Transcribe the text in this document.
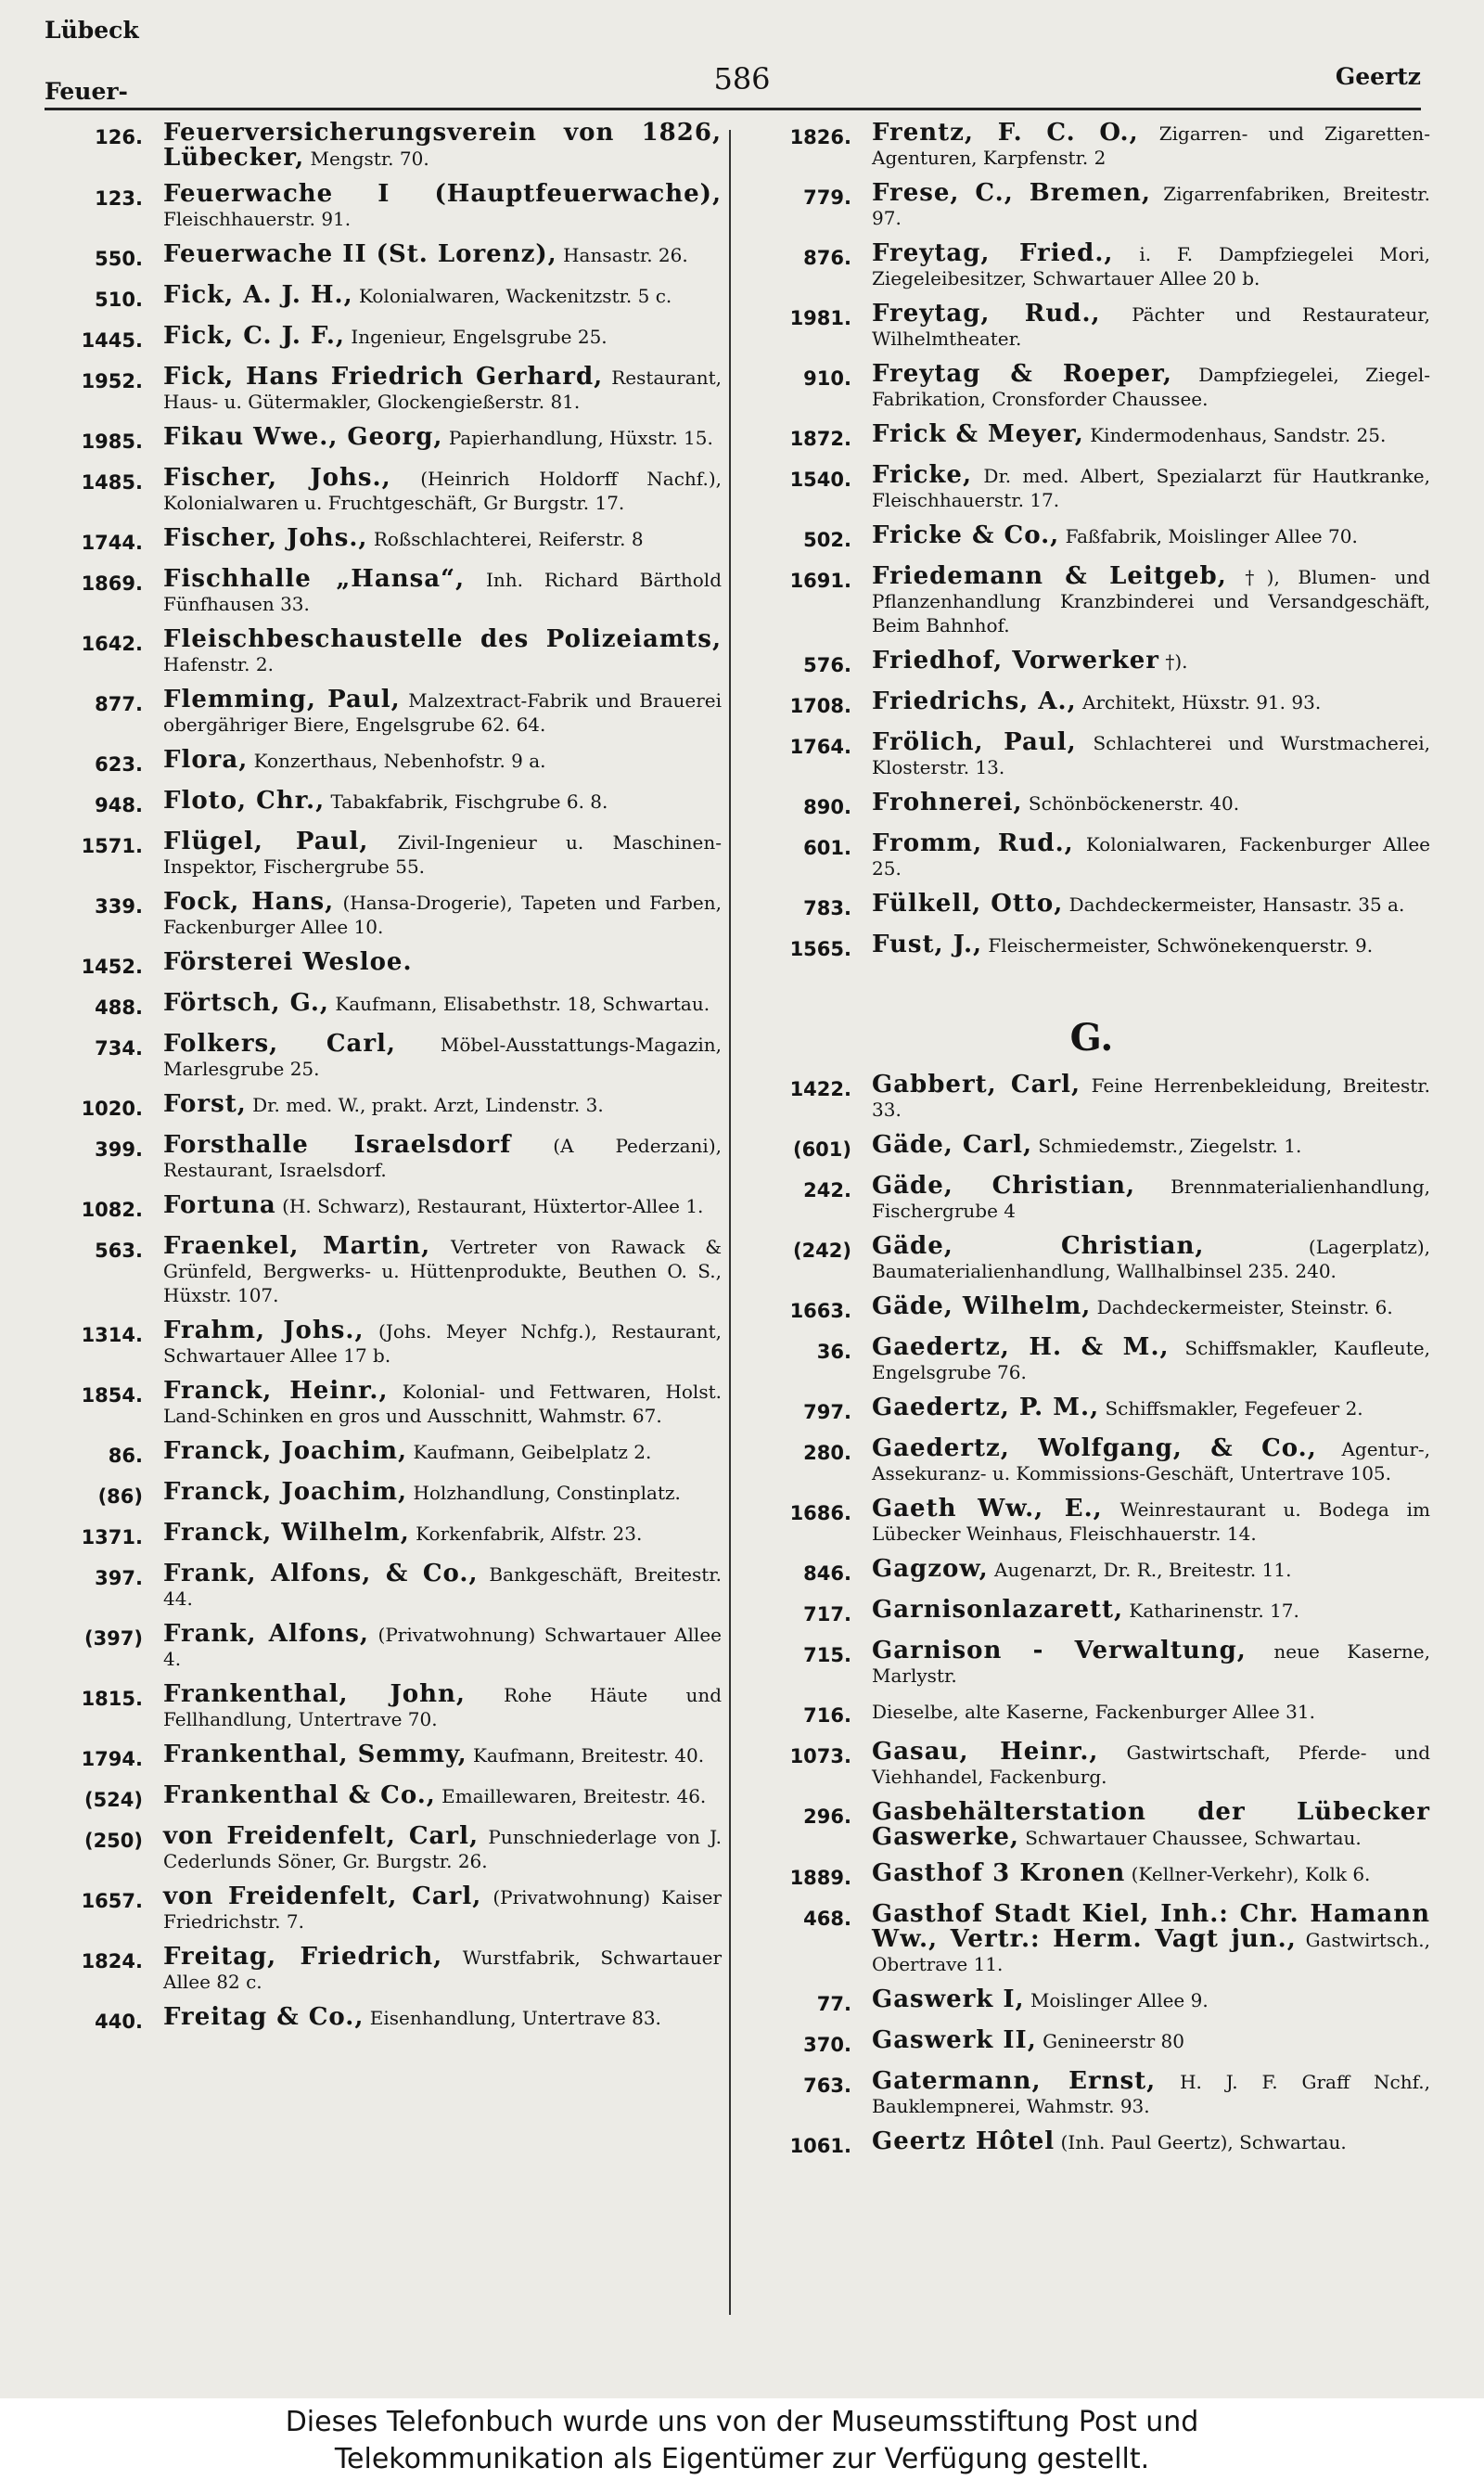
Lübeck
Feuer-	586	Geertz
126. Feuerversicherungsverein von 1826, Lübecker, Mengstr. 70.
123. Feuerwache I (Hauptfeuerwache), Fleischhauerstr. 91.
550. Feuerwache II (St. Lorenz), Hansastr. 26.
510. Fick, A. J. H., Kolonialwaren, Wackenitzstr. 5 c.
1445. Fick, C. J. F., Ingenieur, Engelsgrube 25.
1952. Fick, Hans Friedrich Gerhard, Restaurant, Haus- u. Gütermakler, Glockengießerstr. 81.
1985. Fikau Wwe., Georg, Papierhandlung, Hüxstr. 15.
1485. Fischer, Johs., (Heinrich Holdorff Nachf.), Kolonialwaren u. Fruchtgeschäft, Gr Burgstr. 17.
1744. Fischer, Johs., Roßschlachterei, Reiferstr. 8
1869. Fischhalle „Hansa“, Inh. Richard Bärthold Fünfhausen 33.
1642. Fleischbeschaustelle des Polizeiamts, Hafenstr. 2.
877. Flemming, Paul, Malzextract-Fabrik und Brauerei obergähriger Biere, Engelsgrube 62. 64.
623. Flora, Konzerthaus, Nebenhofstr. 9 a.
948. Floto, Chr., Tabakfabrik, Fischgrube 6. 8.
1571. Flügel, Paul, Zivil-Ingenieur u. Maschinen-Inspektor, Fischergrube 55.
339. Fock, Hans, (Hansa-Drogerie), Tapeten und Farben, Fackenburger Allee 10.
1452. Försterei Wesloe.
488. Förtsch, G., Kaufmann, Elisabethstr. 18, Schwartau.
734. Folkers, Carl, Möbel-Ausstattungs-Magazin, Marlesgrube 25.
1020. Forst, Dr. med. W., prakt. Arzt, Lindenstr. 3.
399. Forsthalle Israelsdorf (A Pederzani), Restaurant, Israelsdorf.
1082. Fortuna (H. Schwarz), Restaurant, Hüxtertor-Allee 1.
563. Fraenkel, Martin, Vertreter von Rawack & Grünfeld, Bergwerks- u. Hüttenprodukte, Beuthen O. S., Hüxstr. 107.
1314. Frahm, Johs., (Johs. Meyer Nchfg.), Restaurant, Schwartauer Allee 17 b.
1854. Franck, Heinr., Kolonial- und Fettwaren, Holst. Land-Schinken en gros und Ausschnitt, Wahmstr. 67.
86. Franck, Joachim, Kaufmann, Geibelplatz 2.
(86) Franck, Joachim, Holzhandlung, Constinplatz.
1371. Franck, Wilhelm, Korkenfabrik, Alfstr. 23.
397. Frank, Alfons, & Co., Bankgeschäft, Breitestr. 44.
(397) Frank, Alfons, (Privatwohnung) Schwartauer Allee 4.
1815. Frankenthal, John, Rohe Häute und Fellhandlung, Untertrave 70.
1794. Frankenthal, Semmy, Kaufmann, Breitestr. 40.
(524) Frankenthal & Co., Emaillewaren, Breitestr. 46.
(250) von Freidenfelt, Carl, Punschniederlage von J. Cederlunds Söner, Gr. Burgstr. 26.
1657. von Freidenfelt, Carl, (Privatwohnung) Kaiser Friedrichstr. 7.
1824. Freitag, Friedrich, Wurstfabrik, Schwartauer Allee 82 c.
440. Freitag & Co., Eisenhandlung, Untertrave 83.
1826. Frentz, F. C. O., Zigarren- und Zigaretten-Agenturen, Karpfenstr. 2
779. Frese, C., Bremen, Zigarrenfabriken, Breitestr. 97.
876. Freytag, Fried., i. F. Dampfziegelei Mori, Ziegeleibesitzer, Schwartauer Allee 20 b.
1981. Freytag, Rud., Pächter und Restaurateur, Wilhelmtheater.
910. Freytag & Roeper, Dampfziegelei, Ziegel-Fabrikation, Cronsforder Chaussee.
1872. Frick & Meyer, Kindermodenhaus, Sandstr. 25.
1540. Fricke, Dr. med. Albert, Spezialarzt für Hautkranke, Fleischhauerstr. 17.
502. Fricke & Co., Faßfabrik, Moislinger Allee 70.
1691. Friedemann & Leitgeb, †), Blumen- und Pflanzenhandlung Kranzbinderei und Versandgeschäft, Beim Bahnhof.
576. Friedhof, Vorwerker †).
1708. Friedrichs, A., Architekt, Hüxstr. 91. 93.
1764. Frölich, Paul, Schlachterei und Wurstmacherei, Klosterstr. 13.
890. Frohnerei, Schönböckenerstr. 40.
601. Fromm, Rud., Kolonialwaren, Fackenburger Allee 25.
783. Fülkell, Otto, Dachdeckermeister, Hansastr. 35 a.
1565. Fust, J., Fleischermeister, Schwönekenquerstr. 9.
G.
1422. Gabbert, Carl, Feine Herrenbekleidung, Breitestr. 33.
(601) Gäde, Carl, Schmiedemstr., Ziegelstr. 1.
242. Gäde, Christian, Brennmaterialienhandlung, Fischergrube 4
(242) Gäde, Christian,	(Lagerplatz), Baumaterialienhandlung, Wallhalbinsel 235. 240.
1663. Gäde, Wilhelm, Dachdeckermeister, Steinstr. 6.
36. Gaedertz, H. & M., Schiffsmakler, Kaufleute, Engelsgrube 76.
797. Gaedertz, P. M., Schiffsmakler, Fegefeuer 2.
280. Gaedertz, Wolfgang, & Co., Agentur-, Assekuranz- u. Kommissions-Geschäft, Untertrave 105.
1686. Gaeth Ww., E., Weinrestaurant u. Bodega im Lübecker Weinhaus, Fleischhauerstr. 14.
846. Gagzow, Augenarzt, Dr. R., Breitestr. 11.
717. Garnisonlazarett, Katharinenstr. 17.
715. Garnison - Verwaltung, neue Kaserne, Marlystr.
716.	Dieselbe, alte Kaserne, Fackenburger Allee 31.
1073. Gasau, Heinr., Gastwirtschaft, Pferde- und Viehhandel, Fackenburg.
296. Gasbehälterstation der Lübecker Gaswerke, Schwartauer Chaussee, Schwartau.
1889. Gasthof 3 Kronen (Kellner-Verkehr), Kolk 6.
468. Gasthof Stadt Kiel, Inh.: Chr. Hamann Ww., Vertr.: Herm. Vagt jun., Gastwirtsch., Obertrave 11.
77. Gaswerk I, Moislinger Allee 9.
370. Gaswerk II, Genineerstr 80
763. Gatermann, Ernst, H. J. F. Graff Nchf., Bauklempnerei, Wahmstr. 93.
1061. Geertz Hôtel (Inh. Paul Geertz), Schwartau.
Dieses Telefonbuch wurde uns von der Museumsstiftung Post und
Telekommunikation als Eigentümer zur Verfügung gestellt.
